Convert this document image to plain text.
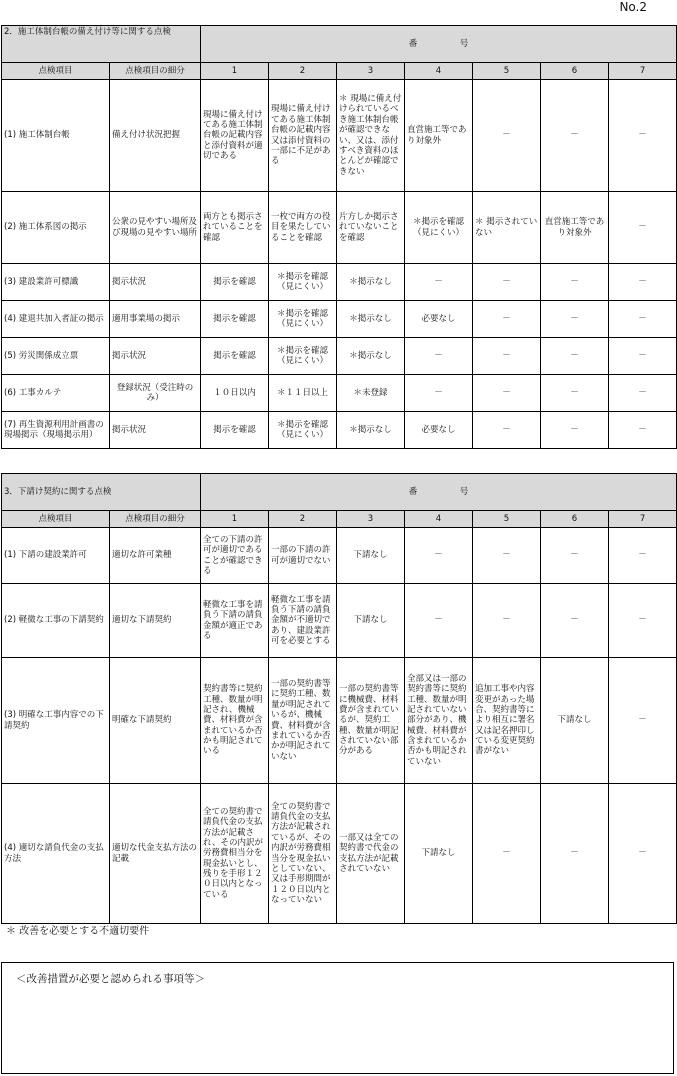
No.2
2．施工体制台帳の備え付け等に関する点検		番　　　　　号						
点検項目	点検項目の細分	1	2	3	4	5	6	7
(1) 施工体制台帳	備え付け状況把握	現場に備え付けてある施工体制台帳の記載内容と添付資料が適切である	現場に備え付けてある施工体制台帳の記載内容又は添付資料の一部に不足がある	＊ 現場に備え付けられているべき施工体制台帳が確認できない、又は、添付すべき資料のほとんどが確認できない	直営施工等であり対象外	－	－	－
(2) 施工体系図の掲示	公衆の見やすい場所及び現場の見やすい場所	両方とも掲示されていることを確認	一枚で両方の役目を果たしていることを確認	片方しか掲示されていないことを確認	＊掲示を確認（見にくい）	＊ 掲示されていない	直営施工等であり対象外	－
(3) 建設業許可標識	掲示状況	掲示を確認	＊掲示を確認（見にくい）	＊掲示なし	－	－	－	－
(4) 建退共加入者証の掲示	適用事業場の掲示	掲示を確認	＊掲示を確認（見にくい）	＊掲示なし	必要なし	－	－	－
(5) 労災関係成立票	掲示状況	掲示を確認	＊掲示を確認（見にくい）	＊掲示なし	－	－	－	－
(6) 工事カルテ	登録状況（受注時のみ）	１０日以内	＊１１日以上	＊未登録	－	－	－	－
(7) 再生資源利用計画書の現場掲示（現場掲示用）	掲示状況	掲示を確認	＊掲示を確認（見にくい）	＊掲示なし	必要なし	－	－	－
3．下請け契約に関する点検		番　　　　　号						
点検項目	点検項目の細分	1	2	3	4	5	6	7
(1) 下請の建設業許可	適切な許可業種	全ての下請の許可が適切であることが確認できる	一部の下請の許可が適切でない	下請なし	－	－	－	－
(2) 軽微な工事の下請契約	適切な下請契約	軽微な工事を請負う下請の請負金額が適正である	軽微な工事を請負う下請の請負金額が不適切であり、建設業許可を必要とする	下請なし	－	－	－	－
(3) 明確な工事内容での下請契約	明確な下請契約	契約書等に契約工種、数量が明記され、機械費、材料費が含まれているか否かも明記されている	一部の契約書等に契約工種、数量が明記されているが、機械費、材料費が含まれているか否かが明記されていない	一部の契約書等に機械費、材料費が含まれているが、契約工種、数量が明記されていない部分がある	全部又は一部の契約書等に契約工種、数量が明記されていない部分があり、機械費、材料費が含まれているか否かも明記されていない	追加工事や内容変更があった場合、契約書等により相互に署名又は記名押印している変更契約書がない	下請なし	－
(4) 適切な請負代金の支払方法	適切な代金支払方法の記載	全ての契約書で請負代金の支払方法が記載され、その内訳が労務費相当分を現金払いとし、残りを手形１２０日以内となっている	全ての契約書で請負代金の支払方法が記載されているが、その内訳が労務費相当分を現金払いとしていない、又は手形期間が１２０日以内となっていない	一部又は全ての契約書で代金の支払方法が記載されていない	下請なし	－	－	－
＊ 改善を必要とする不適切要件
＜改善措置が必要と認められる事項等＞
